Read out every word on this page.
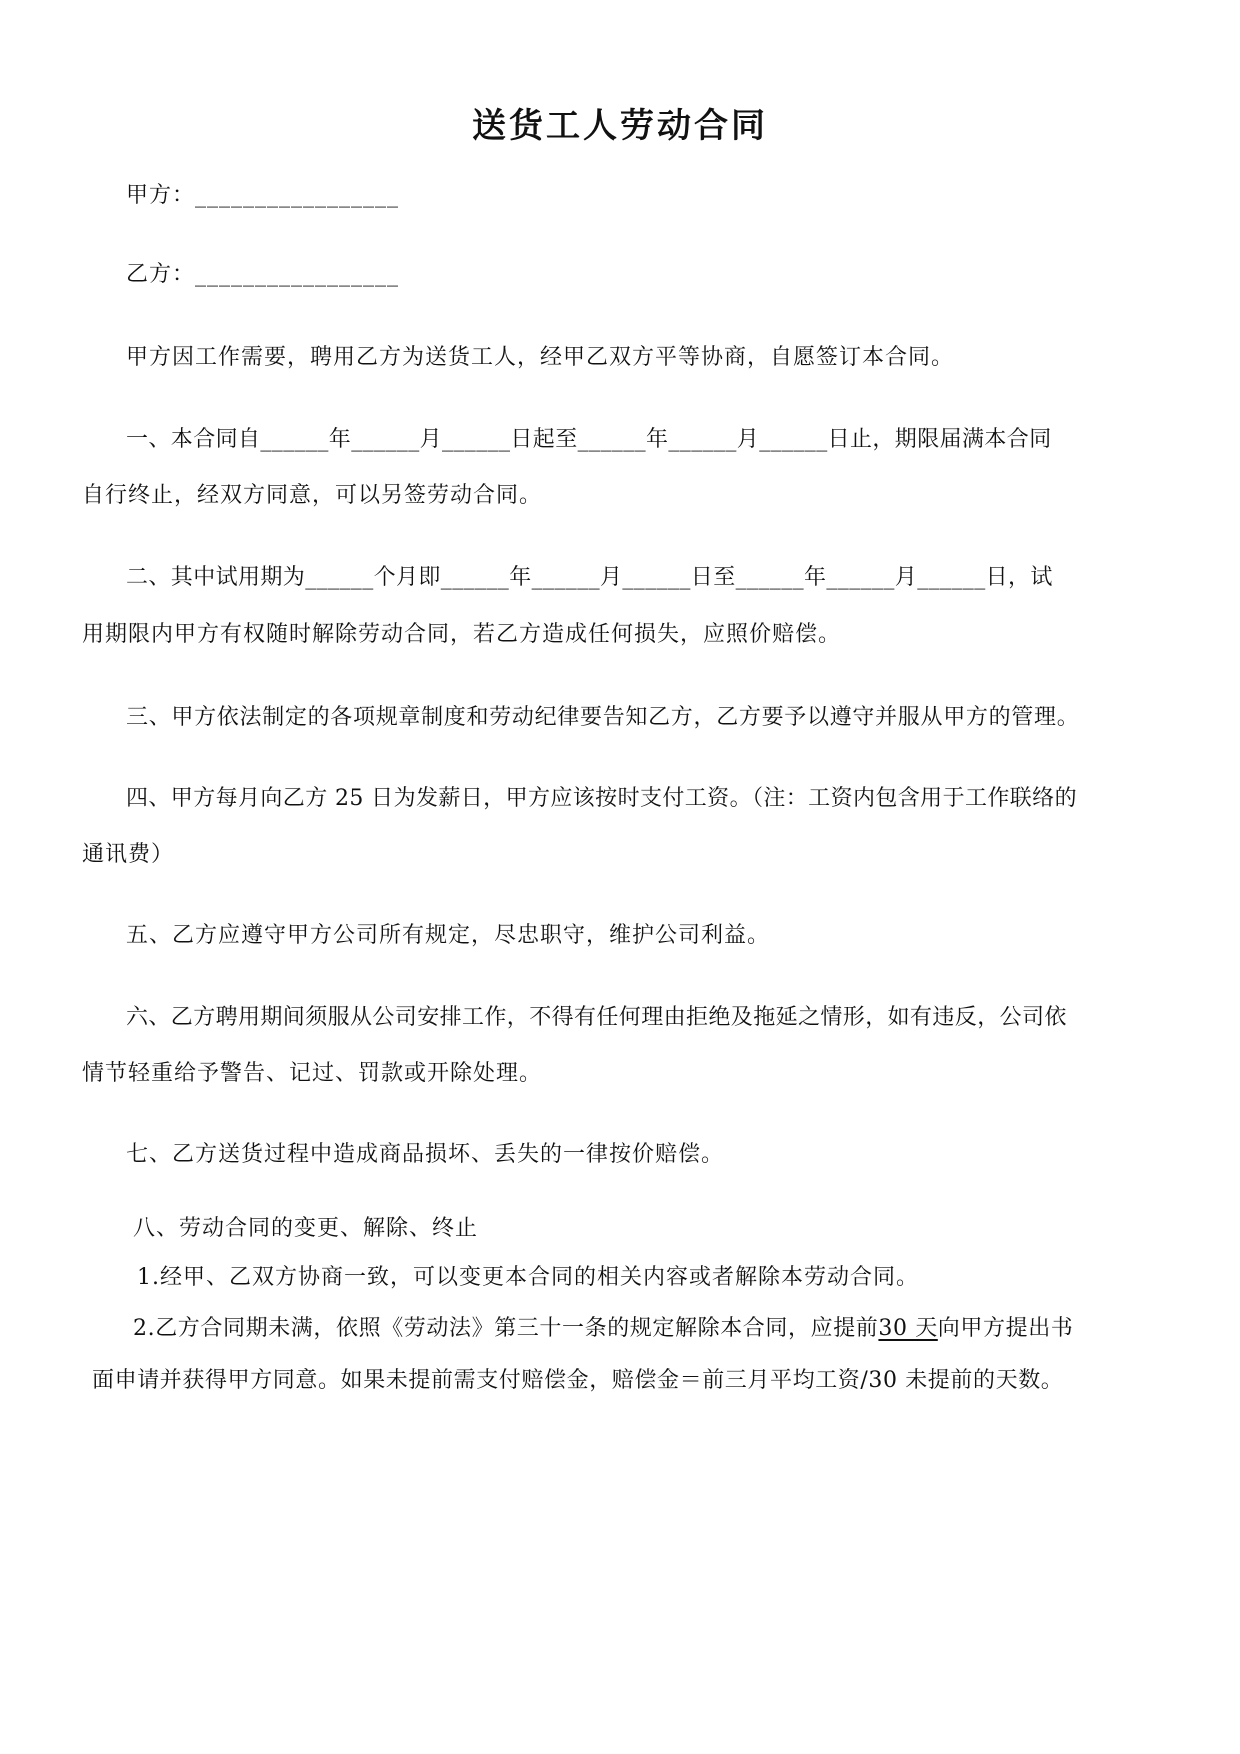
送货工人劳动合同
甲方：_________________
乙方：_________________
甲方因工作需要，聘用乙方为送货工人，经甲乙双方平等协商，自愿签订本合同。
一、本合同自______年______月______日起至______年______月______日止，期限届满本合同
自行终止，经双方同意，可以另签劳动合同。
二、其中试用期为______个月即______年______月______日至______年______月______日，试
用期限内甲方有权随时解除劳动合同，若乙方造成任何损失，应照价赔偿。
三、甲方依法制定的各项规章制度和劳动纪律要告知乙方，乙方要予以遵守并服从甲方的管理。
四、甲方每月向乙方 25 日为发薪日，甲方应该按时支付工资。（注：工资内包含用于工作联络的
通讯费）
五、乙方应遵守甲方公司所有规定，尽忠职守，维护公司利益。
六、乙方聘用期间须服从公司安排工作，不得有任何理由拒绝及拖延之情形，如有违反，公司依
情节轻重给予警告、记过、罚款或开除处理。
七、乙方送货过程中造成商品损坏、丢失的一律按价赔偿。
八、劳动合同的变更、解除、终止
1.经甲、乙双方协商一致，可以变更本合同的相关内容或者解除本劳动合同。
2.乙方合同期未满，依照《劳动法》第三十一条的规定解除本合同，应提前30 天向甲方提出书
面申请并获得甲方同意。如果未提前需支付赔偿金，赔偿金＝前三月平均工资/30 未提前的天数。
